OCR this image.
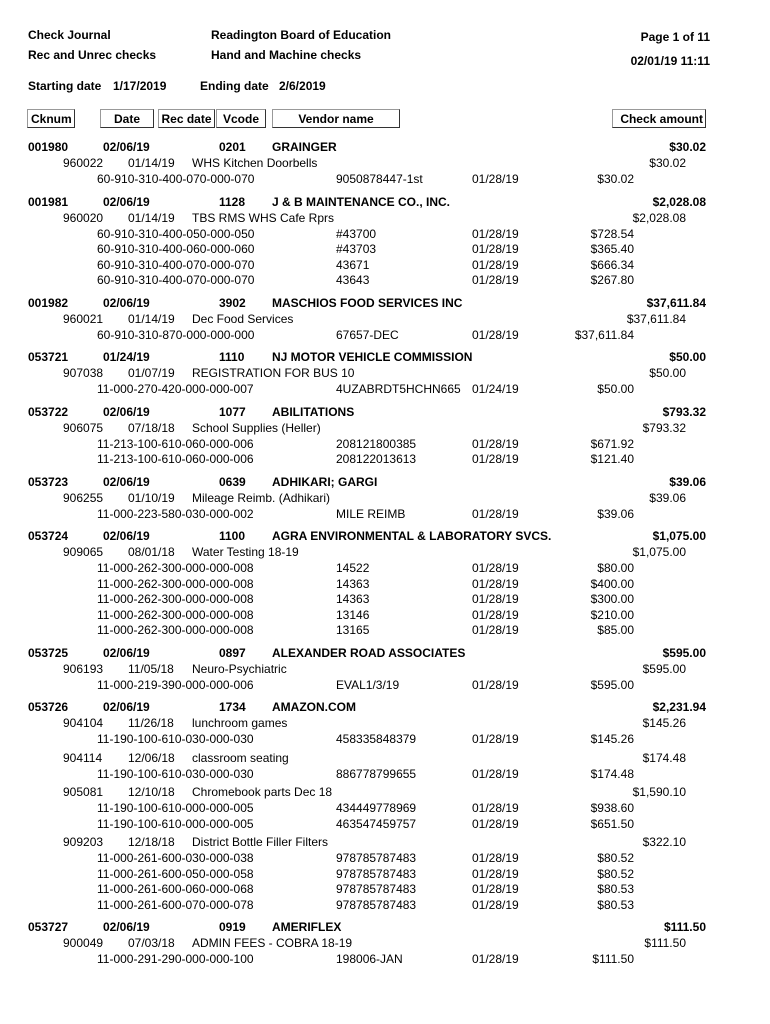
Check Journal
Rec and Unrec checks
Readington Board of Education
Hand and Machine checks
Page 1 of 11
02/01/19 11:11
Starting date 1/17/2019	Ending date 2/6/2019
Cknum	Date	Rec date Vcode	Vendor name	Check amount
001980	02/06/19	0201 GRAINGER	$30.02
960022 01/14/19 WHS Kitchen Doorbells	$30.02
60-910-310-400-070-000-070	9050878447-1st	01/28/19	$30.02
001981	02/06/19	1128 J & B MAINTENANCE CO., INC.	$2,028.08
960020 01/14/19 TBS RMS WHS Cafe Rprs	$2,028.08
60-910-310-400-050-000-050	#43700	01/28/19	$728.54
60-910-310-400-060-000-060	#43703	01/28/19	$365.40
60-910-310-400-070-000-070	43671	01/28/19	$666.34
60-910-310-400-070-000-070	43643	01/28/19	$267.80
001982	02/06/19	3902 MASCHIOS FOOD SERVICES INC	$37,611.84
960021 01/14/19 Dec Food Services	$37,611.84
60-910-310-870-000-000-000	67657-DEC	01/28/19	$37,611.84
053721	01/24/19	1110 NJ MOTOR VEHICLE COMMISSION	$50.00
907038 01/07/19 REGISTRATION FOR BUS 10	$50.00
11-000-270-420-000-000-007	4UZABRDT5HCHN665 01/24/19	$50.00
053722	02/06/19	1077 ABILITATIONS	$793.32
906075 07/18/18 School Supplies (Heller)	$793.32
11-213-100-610-060-000-006	208121800385	01/28/19	$671.92
11-213-100-610-060-000-006	208122013613	01/28/19	$121.40
053723	02/06/19	0639 ADHIKARI; GARGI	$39.06
906255 01/10/19 Mileage Reimb. (Adhikari)	$39.06
11-000-223-580-030-000-002	MILE REIMB	01/28/19	$39.06
053724	02/06/19	1100 AGRA ENVIRONMENTAL & LABORATORY SVCS.	$1,075.00
909065 08/01/18 Water Testing 18-19	$1,075.00
11-000-262-300-000-000-008	14522	01/28/19	$80.00
11-000-262-300-000-000-008	14363	01/28/19	$400.00
11-000-262-300-000-000-008	14363	01/28/19	$300.00
11-000-262-300-000-000-008	13146	01/28/19	$210.00
11-000-262-300-000-000-008	13165	01/28/19	$85.00
053725	02/06/19	0897 ALEXANDER ROAD ASSOCIATES	$595.00
906193 11/05/18 Neuro-Psychiatric	$595.00
11-000-219-390-000-000-006	EVAL1/3/19	01/28/19	$595.00
053726	02/06/19	1734 AMAZON.COM	$2,231.94
904104 11/26/18 lunchroom games	$145.26
11-190-100-610-030-000-030	458335848379	01/28/19	$145.26
904114 12/06/18 classroom seating	$174.48
11-190-100-610-030-000-030	886778799655	01/28/19	$174.48
905081 12/10/18 Chromebook parts Dec 18	$1,590.10
11-190-100-610-000-000-005	434449778969	01/28/19	$938.60
11-190-100-610-000-000-005	463547459757	01/28/19	$651.50
909203 12/18/18 District Bottle Filler Filters	$322.10
11-000-261-600-030-000-038	978785787483	01/28/19	$80.52
11-000-261-600-050-000-058	978785787483	01/28/19	$80.52
11-000-261-600-060-000-068	978785787483	01/28/19	$80.53
11-000-261-600-070-000-078	978785787483	01/28/19	$80.53
053727	02/06/19	0919 AMERIFLEX	$111.50
900049 07/03/18 ADMIN FEES - COBRA 18-19	$111.50
11-000-291-290-000-000-100	198006-JAN	01/28/19	$111.50
